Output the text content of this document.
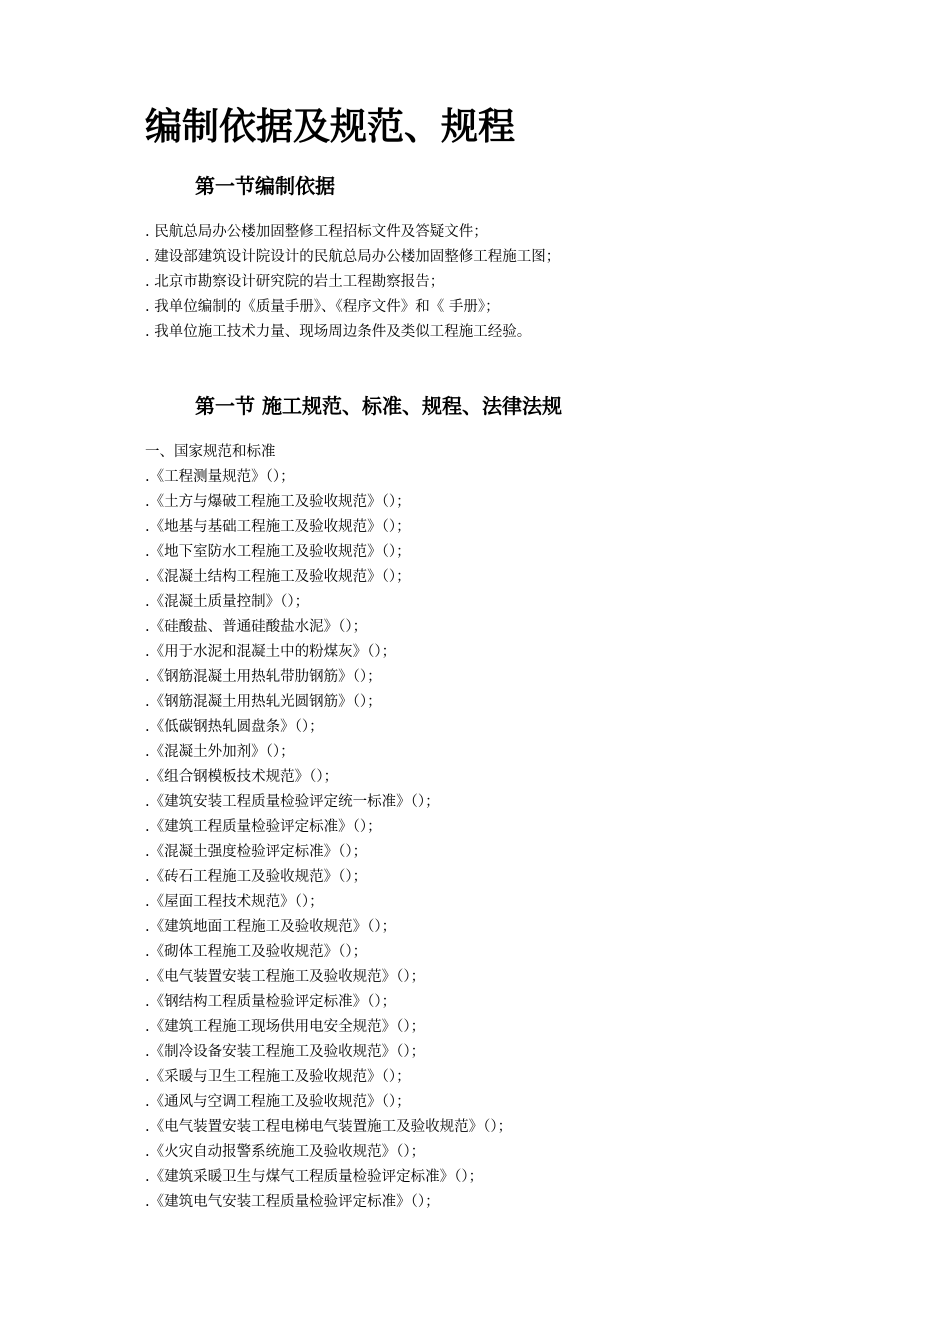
编制依据及规范、规程
第一节编制依据
. 民航总局办公楼加固整修工程招标文件及答疑文件；
. 建设部建筑设计院设计的民航总局办公楼加固整修工程施工图；
. 北京市勘察设计研究院的岩土工程勘察报告；
. 我单位编制的《质量手册》、《程序文件》和《 手册》；
. 我单位施工技术力量、现场周边条件及类似工程施工经验。
第一节 施工规范、标准、规程、法律法规

一、国家规范和标准

.《工程测量规范》（）；
.《土方与爆破工程施工及验收规范》（）；
.《地基与基础工程施工及验收规范》（）；
.《地下室防水工程施工及验收规范》（）；
.《混凝土结构工程施工及验收规范》（）；
.《混凝土质量控制》（）；
.《硅酸盐、普通硅酸盐水泥》（）；
.《用于水泥和混凝土中的粉煤灰》（）；
.《钢筋混凝土用热轧带肋钢筋》（）；
.《钢筋混凝土用热轧光圆钢筋》（）；
.《低碳钢热轧圆盘条》（）；
.《混凝土外加剂》（）；
.《组合钢模板技术规范》（）；
.《建筑安装工程质量检验评定统一标准》（）；
.《建筑工程质量检验评定标准》（）；
.《混凝土强度检验评定标准》（）；
.《砖石工程施工及验收规范》（）；
.《屋面工程技术规范》（）；
.《建筑地面工程施工及验收规范》（）；
.《砌体工程施工及验收规范》（）；
.《电气装置安装工程施工及验收规范》（）；
.《钢结构工程质量检验评定标准》（）；
.《建筑工程施工现场供用电安全规范》（）；
.《制冷设备安装工程施工及验收规范》（）；
.《采暖与卫生工程施工及验收规范》（）；
.《通风与空调工程施工及验收规范》（）；
.《电气装置安装工程电梯电气装置施工及验收规范》（）；
.《火灾自动报警系统施工及验收规范》（）；
.《建筑采暖卫生与煤气工程质量检验评定标准》（）；
.《建筑电气安装工程质量检验评定标准》（）；
